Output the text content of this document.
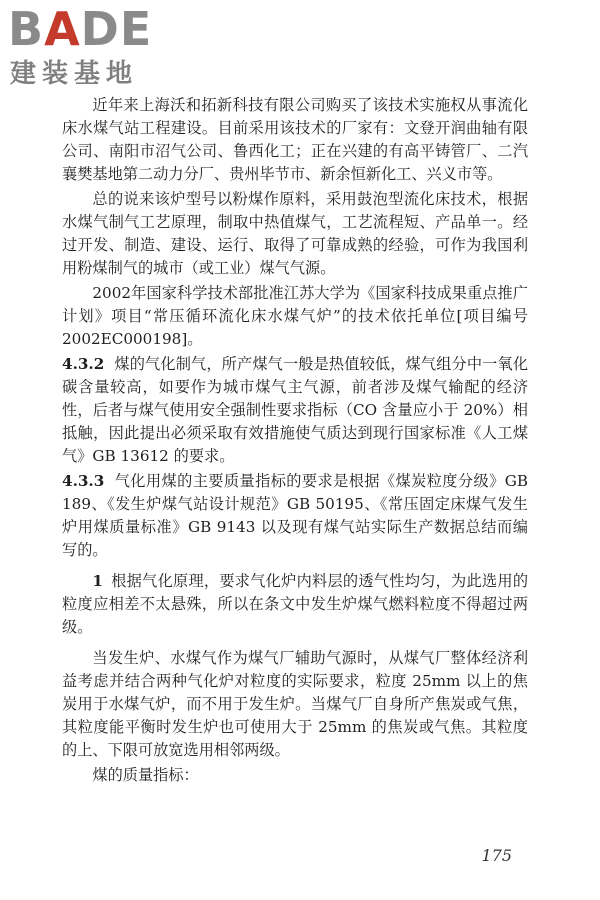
BADE
建装基地

近年来上海沃和拓新科技有限公司购买了该技术实施权从事流化床水煤气站工程建设。目前采用该技术的厂家有：文登开润曲轴有限公司、南阳市沼气公司、鲁西化工；正在兴建的有高平铸管厂、二汽襄樊基地第二动力分厂、贵州毕节市、新余恒新化工、兴义市等。

总的说来该炉型号以粉煤作原料，采用鼓泡型流化床技术，根据水煤气制气工艺原理，制取中热值煤气，工艺流程短、产品单一。经过开发、制造、建设、运行、取得了可靠成熟的经验，可作为我国利用粉煤制气的城市（或工业）煤气气源。

2002年国家科学技术部批准江苏大学为《国家科技成果重点推广计划》项目“常压循环流化床水煤气炉”的技术依托单位[项目编号 2002EC000198]。

4.3.2 煤的气化制气，所产煤气一般是热值较低，煤气组分中一氧化碳含量较高，如要作为城市煤气主气源，前者涉及煤气输配的经济性，后者与煤气使用安全强制性要求指标（CO 含量应小于 20%）相抵触，因此提出必须采取有效措施使气质达到现行国家标准《人工煤气》GB 13612 的要求。

4.3.3 气化用煤的主要质量指标的要求是根据《煤炭粒度分级》GB 189、《发生炉煤气站设计规范》GB 50195、《常压固定床煤气发生炉用煤质量标准》GB 9143 以及现有煤气站实际生产数据总结而编写的。

1 根据气化原理，要求气化炉内料层的透气性均匀，为此选用的粒度应相差不太悬殊，所以在条文中发生炉煤气燃料粒度不得超过两级。

当发生炉、水煤气作为煤气厂辅助气源时，从煤气厂整体经济利益考虑并结合两种气化炉对粒度的实际要求，粒度 25mm 以上的焦炭用于水煤气炉，而不用于发生炉。当煤气厂自身所产焦炭或气焦，其粒度能平衡时发生炉也可使用大于 25mm 的焦炭或气焦。其粒度的上、下限可放宽选用相邻两级。

煤的质量指标：

175
